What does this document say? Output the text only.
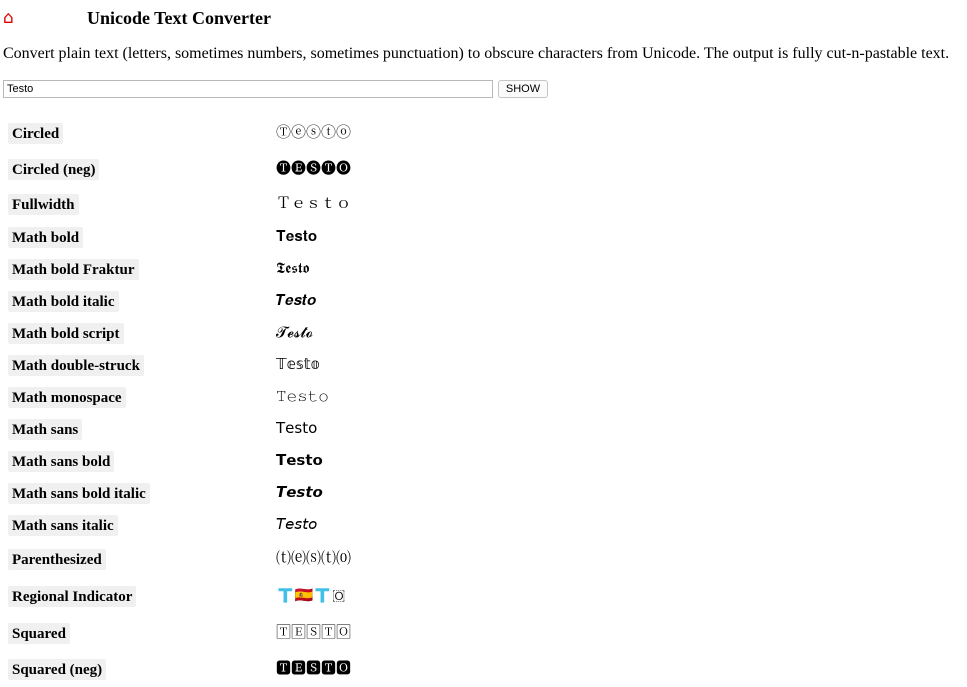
⌂	Unicode Text Converter

Convert plain text (letters, sometimes numbers, sometimes punctuation) to obscure characters from Unicode. The output is fully cut-n-pastable text.

Testo
SHOW
Circled	Ⓣⓔⓢⓣⓞ
Circled (neg)	🅣🅔🅢🅣🅞
Fullwidth	Ｔｅｓｔｏ
Math bold	𝐓𝐞𝐬𝐭𝐨
Math bold Fraktur	𝕿𝖊𝖘𝖙𝖔
Math bold italic	𝑻𝒆𝒔𝒕𝒐
Math bold script	𝓣𝓮𝓼𝓽𝓸
Math double-struck	𝕋𝕖𝕤𝕥𝕠
Math monospace	𝚃𝚎𝚜𝚝𝚘
Math sans	𝖳𝖾𝗌𝗍𝗈
Math sans bold	𝗧𝗲𝘀𝘁𝗼
Math sans bold italic	𝙏𝙚𝙨𝙩𝙤
Math sans italic	𝘛𝘦𝘴𝘵𝘰
Parenthesized	⒯⒠⒮⒯⒪
Regional Indicator	🇹🇪🇸🇹🇴
Squared	🅃🄴🅂🅃🄾
Squared (neg)	🆃🅴🆂🆃🅾
